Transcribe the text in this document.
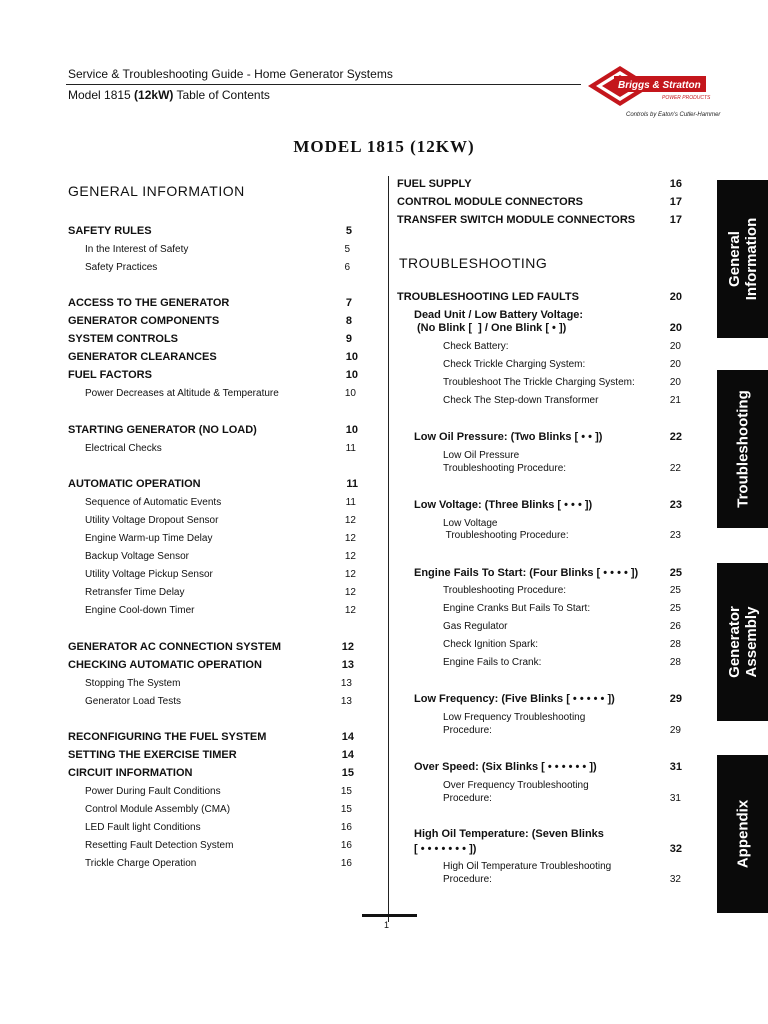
Service & Troubleshooting Guide - Home Generator Systems
Model 1815 (12kW) Table of Contents
Briggs & Stratton
POWER PRODUCTS
Controls by Eaton's Cutler-Hammer
MODEL 1815 (12KW)
GENERAL INFORMATION
SAFETY RULES	5
In the Interest of Safety	5
Safety Practices	6
ACCESS TO THE GENERATOR	7
GENERATOR COMPONENTS	8
SYSTEM CONTROLS	9
GENERATOR CLEARANCES	10
FUEL FACTORS	10
Power Decreases at Altitude & Temperature	10
STARTING GENERATOR (NO LOAD)	10
Electrical Checks	11
AUTOMATIC OPERATION	11
Sequence of Automatic Events	11
Utility Voltage Dropout Sensor	12
Engine Warm-up Time Delay	12
Backup Voltage Sensor	12
Utility Voltage Pickup Sensor	12
Retransfer Time Delay	12
Engine Cool-down Timer	12
GENERATOR AC CONNECTION SYSTEM	12
CHECKING AUTOMATIC OPERATION	13
Stopping The System	13
Generator Load Tests	13
RECONFIGURING THE FUEL SYSTEM	14
SETTING THE EXERCISE TIMER	14
CIRCUIT INFORMATION	15
Power During Fault Conditions	15
Control Module Assembly (CMA)	15
LED Fault light Conditions	16
Resetting Fault Detection System	16
Trickle Charge Operation	16
FUEL SUPPLY	16
CONTROL MODULE CONNECTORS	17
TRANSFER SWITCH MODULE CONNECTORS	17
TROUBLESHOOTING
TROUBLESHOOTING LED FAULTS	20
Dead Unit / Low Battery Voltage:
(No Blink [  ] / One Blink [ • ])	20
Check Battery:	20
Check Trickle Charging System:	20
Troubleshoot The Trickle Charging System:	20
Check The Step-down Transformer	21
Low Oil Pressure: (Two Blinks [ • • ])	22
Low Oil Pressure
Troubleshooting Procedure:	22
Low Voltage: (Three Blinks [ • • • ])	23
Low Voltage
Troubleshooting Procedure:	23
Engine Fails To Start: (Four Blinks [ • • • • ])	25
Troubleshooting Procedure:	25
Engine Cranks But Fails To Start:	25
Gas Regulator	26
Check Ignition Spark:	28
Engine Fails to Crank:	28
Low Frequency: (Five Blinks [ • • • • • ])	29
Low Frequency Troubleshooting
Procedure:	29
Over Speed: (Six Blinks [ • • • • • • ])	31
Over Frequency Troubleshooting
Procedure:	31
High Oil Temperature: (Seven Blinks
[ • • • • • • • ])	32
High Oil Temperature Troubleshooting
Procedure:	32
General
Information
Troubleshooting
Generator
Assembly
Appendix
1
